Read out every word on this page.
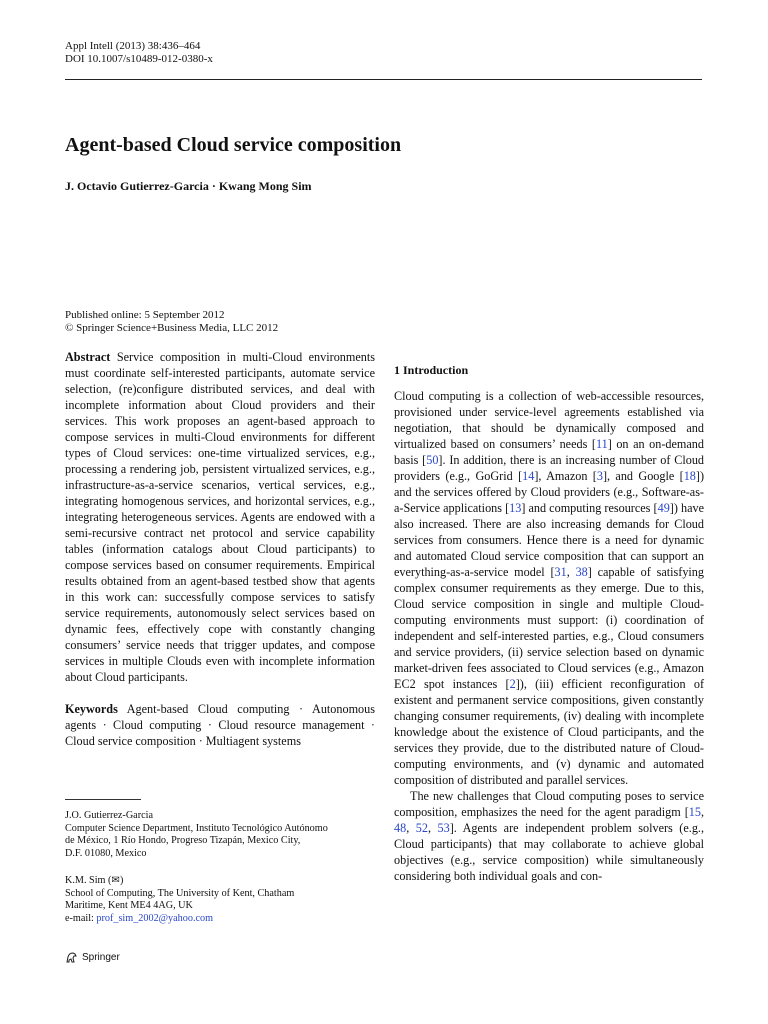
Appl Intell (2013) 38:436–464
DOI 10.1007/s10489-012-0380-x
Agent-based Cloud service composition
J. Octavio Gutierrez-Garcia · Kwang Mong Sim
Published online: 5 September 2012
© Springer Science+Business Media, LLC 2012
Abstract Service composition in multi-Cloud environments must coordinate self-interested participants, automate service selection, (re)configure distributed services, and deal with incomplete information about Cloud providers and their services. This work proposes an agent-based approach to compose services in multi-Cloud environments for different types of Cloud services: one-time virtualized services, e.g., processing a rendering job, persistent virtualized services, e.g., infrastructure-as-a-service scenarios, vertical services, e.g., integrating homogenous services, and horizontal services, e.g., integrating heterogeneous services. Agents are endowed with a semi-recursive contract net protocol and service capability tables (information catalogs about Cloud participants) to compose services based on consumer requirements. Empirical results obtained from an agent-based testbed show that agents in this work can: successfully compose services to satisfy service requirements, autonomously select services based on dynamic fees, effectively cope with constantly changing consumers’ service needs that trigger updates, and compose services in multiple Clouds even with incomplete information about Cloud participants.
Keywords Agent-based Cloud computing · Autonomous agents · Cloud computing · Cloud resource management · Cloud service composition · Multiagent systems
1 Introduction
Cloud computing is a collection of web-accessible resources, provisioned under service-level agreements established via negotiation, that should be dynamically composed and virtualized based on consumers’ needs [11] on an on-demand basis [50]. In addition, there is an increasing number of Cloud providers (e.g., GoGrid [14], Amazon [3], and Google [18]) and the services offered by Cloud providers (e.g., Software-as-a-Service applications [13] and computing resources [49]) have also increased. There are also increasing demands for Cloud services from consumers. Hence there is a need for dynamic and automated Cloud service composition that can support an everything-as-a-service model [31, 38] capable of satisfying complex consumer requirements as they emerge. Due to this, Cloud service composition in single and multiple Cloud-computing environments must support: (i) coordination of independent and self-interested parties, e.g., Cloud consumers and service providers, (ii) service selection based on dynamic market-driven fees associated to Cloud services (e.g., Amazon EC2 spot instances [2]), (iii) efficient reconfiguration of existent and permanent service compositions, given constantly changing consumer requirements, (iv) dealing with incomplete knowledge about the existence of Cloud participants, and the services they provide, due to the distributed nature of Cloud-computing environments, and (v) dynamic and automated composition of distributed and parallel services.
The new challenges that Cloud computing poses to service composition, emphasizes the need for the agent paradigm [15, 48, 52, 53]. Agents are independent problem solvers (e.g., Cloud participants) that may collaborate to achieve global objectives (e.g., service composition) while simultaneously considering both individual goals and con-
J.O. Gutierrez-Garcia
Computer Science Department, Instituto Tecnológico Autónomo
de México, 1 Río Hondo, Progreso Tizapán, Mexico City,
D.F. 01080, Mexico
K.M. Sim (✉)
School of Computing, The University of Kent, Chatham
Maritime, Kent ME4 4AG, UK
e-mail: prof_sim_2002@yahoo.com
Springer
